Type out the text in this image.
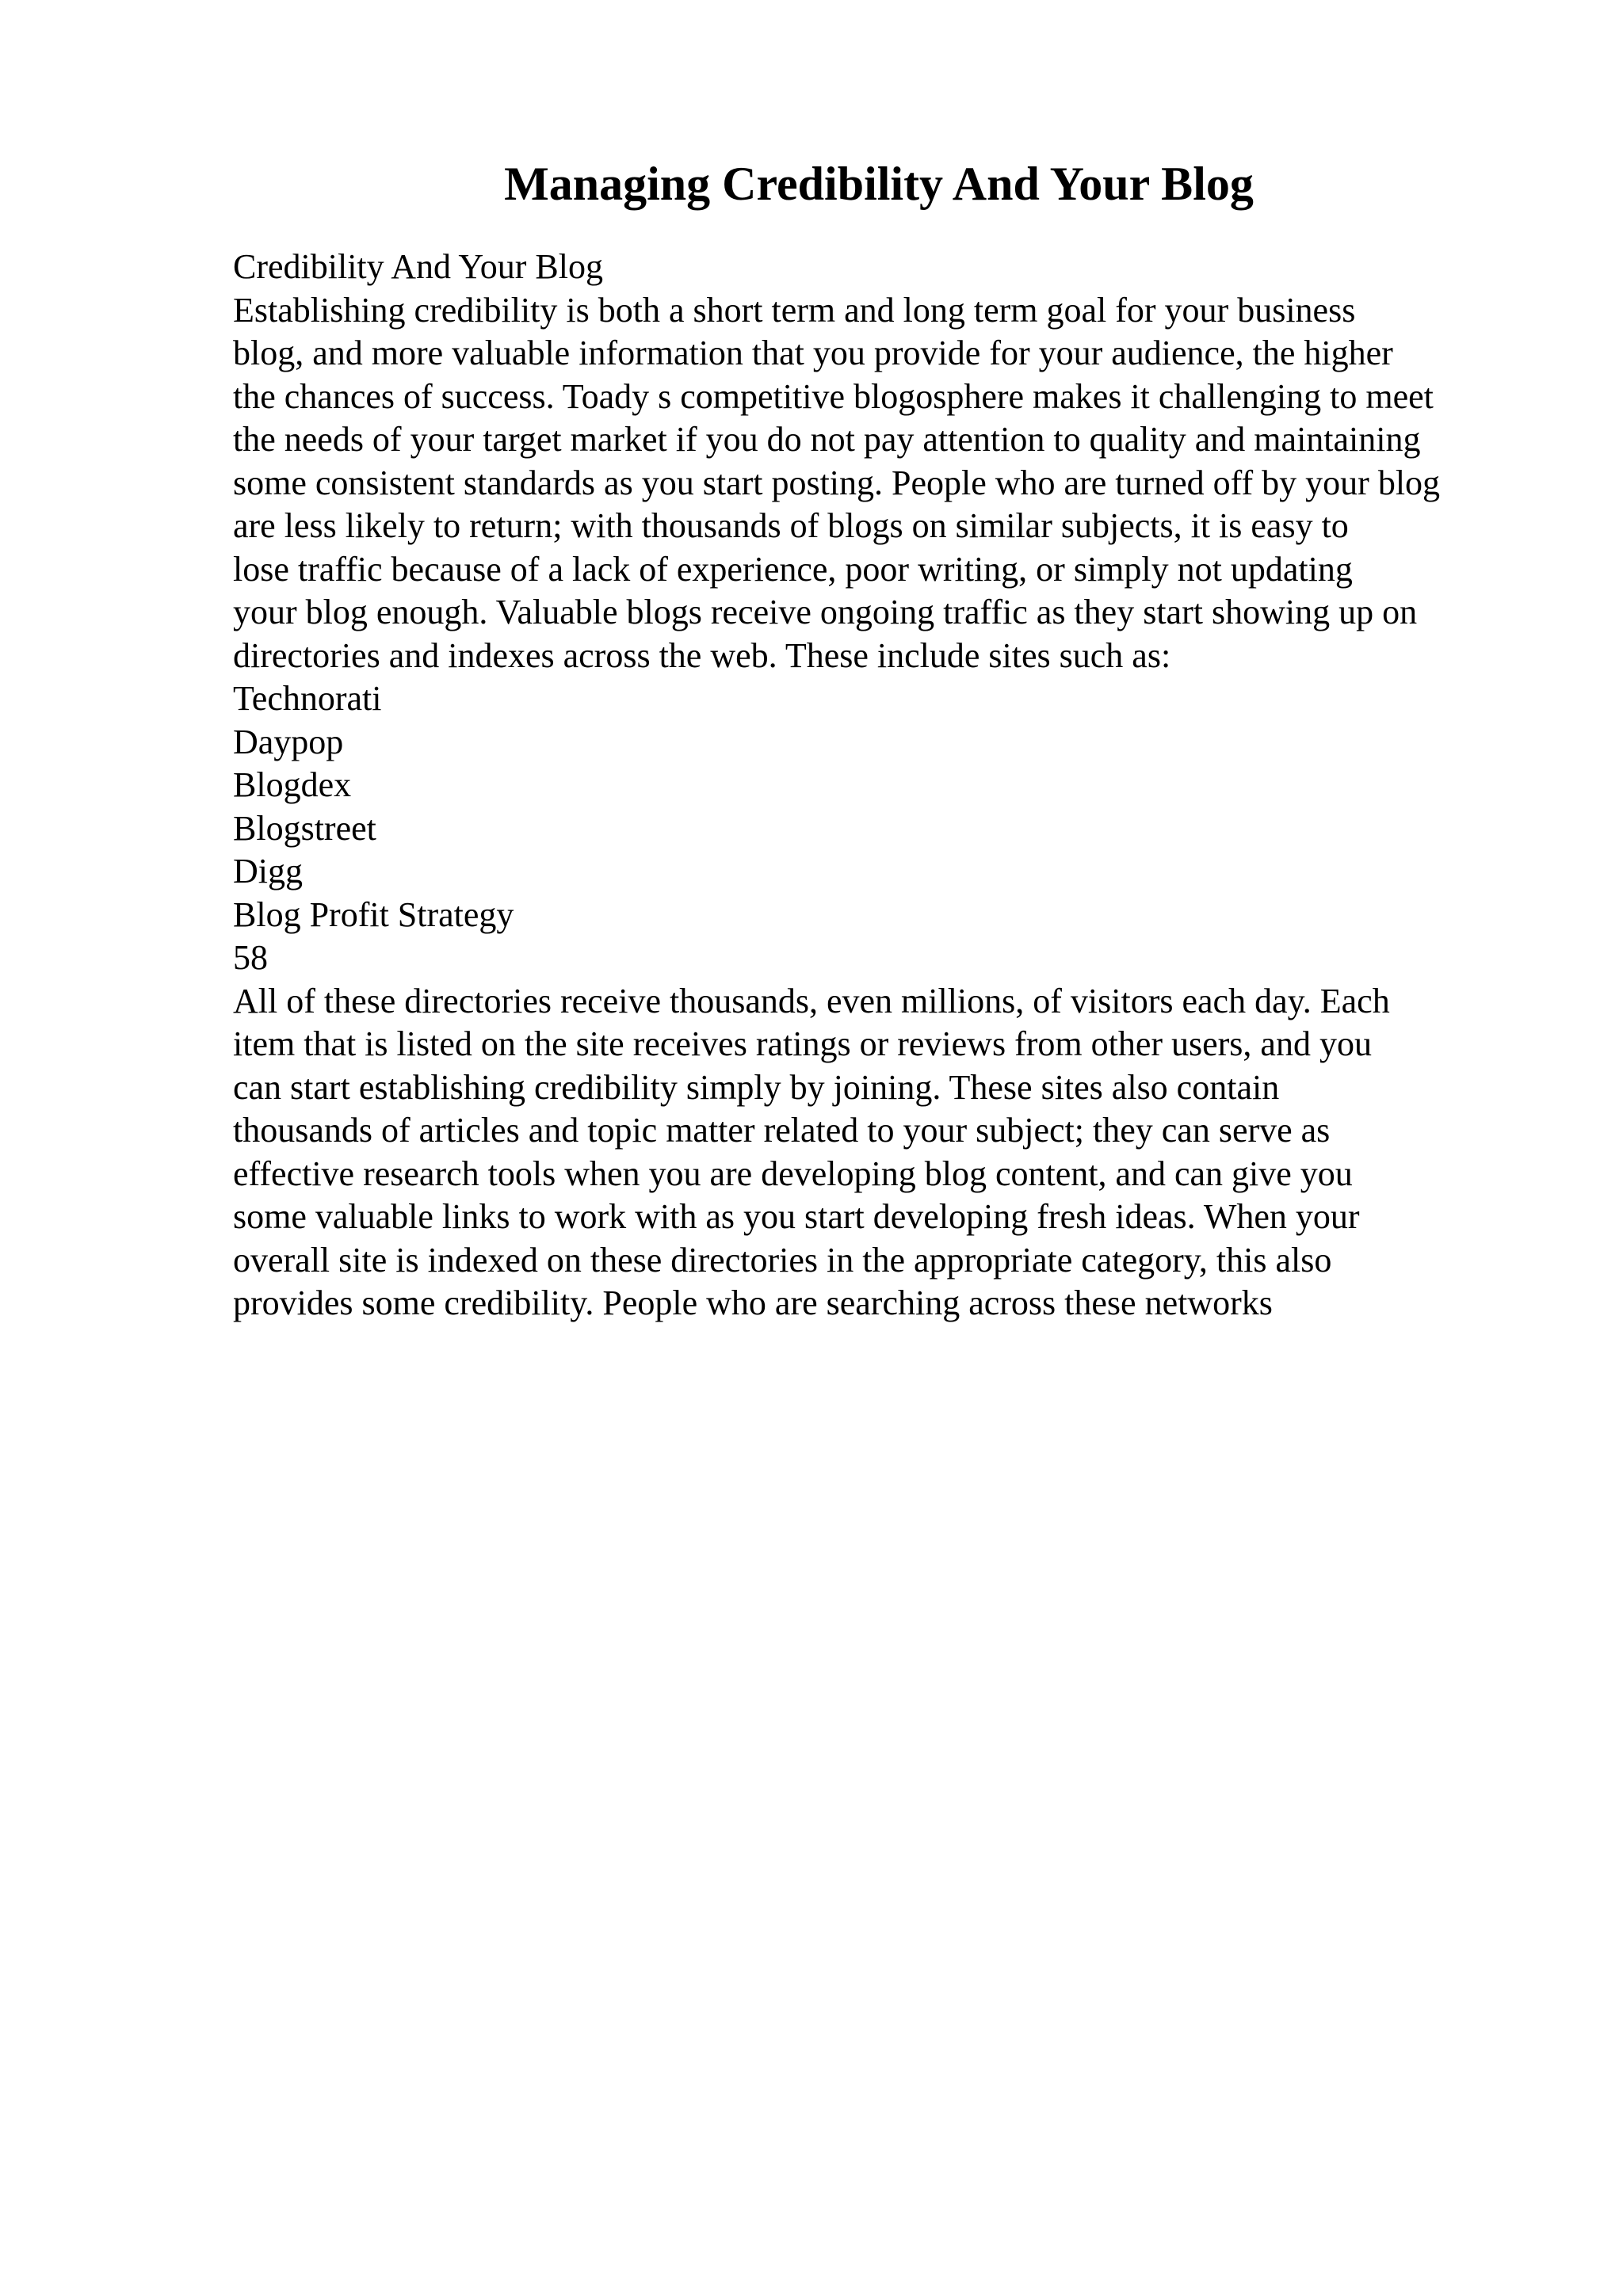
Managing Credibility And Your Blog
Credibility And Your Blog
Establishing credibility is both a short term and long term goal for your business
blog, and more valuable information that you provide for your audience, the higher
the chances of success. Toady s competitive blogosphere makes it challenging to meet
the needs of your target market if you do not pay attention to quality and maintaining
some consistent standards as you start posting. People who are turned off by your blog
are less likely to return; with thousands of blogs on similar subjects, it is easy to
lose traffic because of a lack of experience, poor writing, or simply not updating
your blog enough. Valuable blogs receive ongoing traffic as they start showing up on
directories and indexes across the web. These include sites such as:
Technorati
Daypop
Blogdex
Blogstreet
Digg
Blog Profit Strategy
58
All of these directories receive thousands, even millions, of visitors each day. Each
item that is listed on the site receives ratings or reviews from other users, and you
can start establishing credibility simply by joining. These sites also contain
thousands of articles and topic matter related to your subject; they can serve as
effective research tools when you are developing blog content, and can give you
some valuable links to work with as you start developing fresh ideas. When your
overall site is indexed on these directories in the appropriate category, this also
provides some credibility. People who are searching across these networks
